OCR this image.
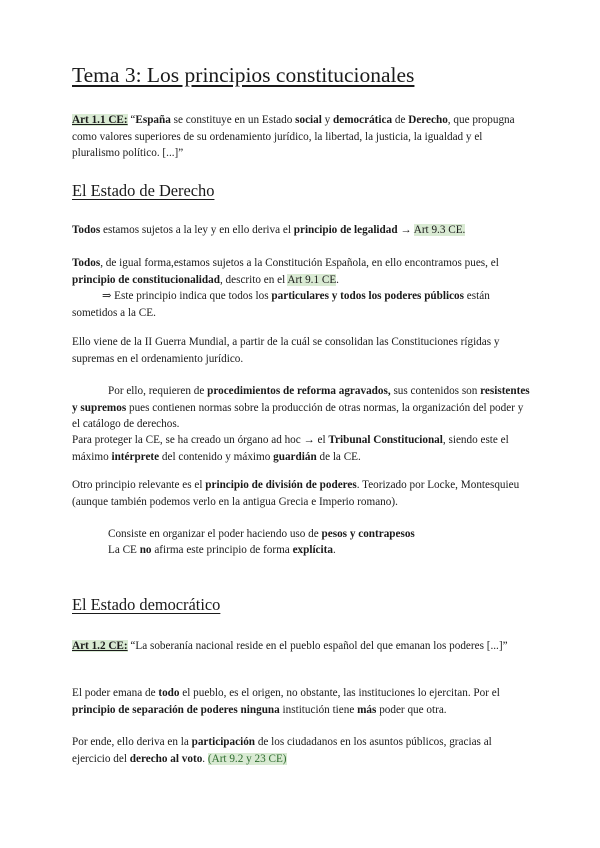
Tema 3: Los principios constitucionales
Art 1.1 CE: “España se constituye en un Estado social y democrática de Derecho, que propugna como valores superiores de su ordenamiento jurídico, la libertad, la justicia, la igualdad y el pluralismo político. [...]”
El Estado de Derecho
Todos estamos sujetos a la ley y en ello deriva el principio de legalidad → Art 9.3 CE.
Todos, de igual forma,estamos sujetos a la Constitución Española, en ello encontramos pues, el principio de constitucionalidad, descrito en el Art 9.1 CE.
⇒ Este principio indica que todos los particulares y todos los poderes públicos están sometidos a la CE.
Ello viene de la II Guerra Mundial, a partir de la cuál se consolidan las Constituciones rígidas y supremas en el ordenamiento jurídico.
Por ello, requieren de procedimientos de reforma agravados, sus contenidos son resistentes y supremos pues contienen normas sobre la producción de otras normas, la organización del poder y el catálogo de derechos.
Para proteger la CE, se ha creado un órgano ad hoc → el Tribunal Constitucional, siendo este el máximo intérprete del contenido y máximo guardián de la CE.
Otro principio relevante es el principio de división de poderes. Teorizado por Locke, Montesquieu (aunque también podemos verlo en la antigua Grecia e Imperio romano).
Consiste en organizar el poder haciendo uso de pesos y contrapesos
La CE no afirma este principio de forma explícita.
El Estado democrático
Art 1.2 CE: “La soberanía nacional reside en el pueblo español del que emanan los poderes [...]”
El poder emana de todo el pueblo, es el origen, no obstante, las instituciones lo ejercitan. Por el principio de separación de poderes ninguna institución tiene más poder que otra.
Por ende, ello deriva en la participación de los ciudadanos en los asuntos públicos, gracias al ejercicio del derecho al voto. (Art 9.2 y 23 CE)
